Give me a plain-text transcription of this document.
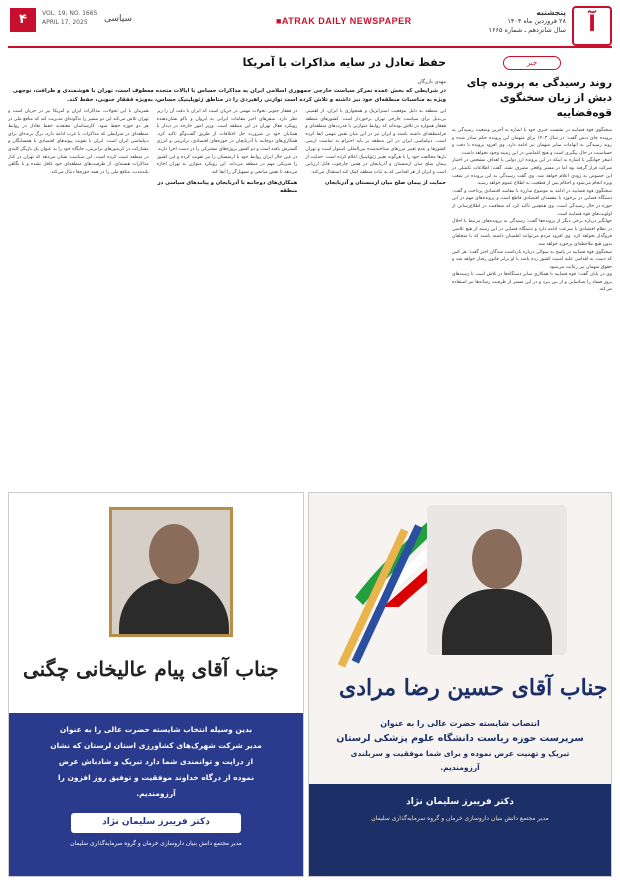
۴	VOL. 19, NO. 1665
APRIL 17, 2025	سیاسی	■ATRAK DAILY NEWSPAPER
پنجشنبه
۲۸ فروردین ماه ۱۴۰۴
سال شانزدهم ـ شماره ۱۶۶۵
آ
خبر
روند رسیدگی به پرونده چای دبش از زبان سخنگوی قوه‌قضاییه

سخنگوی قوه قضاییه در نشست خبری خود با اشاره به آخرین وضعیت رسیدگی به پرونده چای دبش گفت: در سال ۱۴۰۳ برای متهمان این پرونده حکم صادر شده و روند رسیدگی به اتهامات سایر متهمان نیز ادامه دارد. وی افزود پرونده با دقت و حساسیت در حال پیگیری است و هیچ اغماضی در این زمینه وجود نخواهد داشت.

اصغر جهانگیر با اشاره به اینکه در این پرونده ارز دولتی با اهداف مشخص در اختیار شرکت قرار گرفته بود اما در مسیر واقعی مصرف نشد، گفت: اطلاعات تکمیلی در این خصوص به زودی اعلام خواهد شد. وی گفت رسیدگی به این پرونده در شعب ویژه انجام می‌شود و احکام پس از قطعیت به اطلاع عموم خواهد رسید.

سخنگوی قوه قضاییه در ادامه به موضوع مبارزه با مفاسد اقتصادی پرداخت و گفت: دستگاه قضایی در برخورد با مفسدان اقتصادی قاطع است و پرونده‌های مهم در این حوزه در حال رسیدگی است. وی همچنین تاکید کرد که شفافیت در اطلاع‌رسانی از اولویت‌های قوه قضاییه است.

جهانگیر درباره برخی دیگر از پرونده‌ها گفت: رسیدگی به پرونده‌های مرتبط با اخلال در نظام اقتصادی با سرعت ادامه دارد و دستگاه قضایی در این زمینه از هیچ تلاشی فروگذار نخواهد کرد. وی افزود مردم می‌توانند اطمینان داشته باشند که با متخلفان بدون هیچ ملاحظه‌ای برخورد خواهد شد.

سخنگوی قوه قضاییه در پاسخ به سوالی درباره بازداشت شدگان اخیر گفت: هر کس که دست به اقدامی علیه امنیت کشور زده باشد با او برابر قانون رفتار خواهد شد و حقوق متهمان نیز رعایت می‌شود.

وی در پایان گفت: قوه قضاییه با همکاری سایر دستگاه‌ها در تلاش است تا زمینه‌های بروز فساد را شناسایی و از بین ببرد و در این مسیر از ظرفیت رسانه‌ها نیز استفاده می‌کند.

حفظ تعادل در سایه مذاکرات با آمریکا
مهدی بازرگان
در شرایطی که بخش عمده تمرکز سیاست خارجی جمهوری اسلامی ایران به مذاکرات حساس با ایالات متحده معطوف است، تهران با هوشمندی و ظرافت، توجهی ویژه به مناسبات منطقه‌ای خود نیز داشته و تلاش کرده است توازنی راهبردی را در مناطق ژئوپلیتیک حساس، به‌ویژه قفقاز جنوبی، حفظ کند.

این منطقه به دلیل موقعیت استراتژیک و همجواری با ایران، از اهمیتی بی‌بدیل برای سیاست خارجی تهران برخوردار است. کشورهای منطقه قفقاز همواره در تلاش بوده‌اند که روابط متوازنی با قدرت‌های منطقه‌ای و فرامنطقه‌ای داشته باشند و ایران نیز در این میان نقش مهمی ایفا کرده است. دیپلماسی ایران در این منطقه بر پایه احترام به تمامیت ارضی کشورها و عدم تغییر مرزهای شناخته‌شده بین‌المللی استوار است و تهران بارها مخالفت خود را با هرگونه تغییر ژئوپلیتیک اعلام کرده است. حمایت از پیمان صلح میان ارمنستان و آذربایجان در همین چارچوب قابل ارزیابی است و ایران از هر اقدامی که به ثبات منطقه کمک کند استقبال می‌کند.

حمایت از پیمان صلح میان ارمنستان و آذربایجان

در قفقاز جنوبی تحولات مهمی در جریان است که ایران با دقت آن را زیر نظر دارد. سفرهای اخیر مقامات ایرانی به ایروان و باکو نشان‌دهنده رویکرد فعال تهران در این منطقه است. وزیر امور خارجه در دیدار با همتایان خود بر ضرورت حل اختلافات از طریق گفت‌وگو تاکید کرد. همکاری‌های دوجانبه با آذربایجان در حوزه‌های اقتصادی، ترانزیتی و انرژی گسترش یافته است و دو کشور پروژه‌های مشترکی را در دست اجرا دارند. در عین حال ایران روابط خود با ارمنستان را نیز تقویت کرده و این کشور را شریکی مهم در منطقه می‌داند. این رویکرد متوازن به تهران اجازه می‌دهد تا نقش میانجی و تسهیل‌گر را ایفا کند.

همکاری‌های دوجانبه با آذربایجان و پیامدهای سیاسی در منطقه

همزمان با این تحولات، مذاکرات ایران و آمریکا نیز در جریان است و تهران تلاش می‌کند این دو مسیر را به‌گونه‌ای مدیریت کند که منافع ملی در هر دو حوزه حفظ شود. کارشناسان معتقدند حفظ تعادل در روابط منطقه‌ای در شرایطی که مذاکرات با غرب ادامه دارد، برگ برنده‌ای برای دیپلماسی ایران است. ایران با تقویت پیوندهای اقتصادی با همسایگان و مشارکت در کریدورهای ترانزیتی، جایگاه خود را به عنوان یک بازیگر کلیدی در منطقه تثبیت کرده است. این سیاست نشان می‌دهد که تهران در کنار مذاکرات هسته‌ای، از ظرفیت‌های منطقه‌ای خود غافل نشده و با نگاهی بلندمدت، منافع ملی را در همه حوزه‌ها دنبال می‌کند.

جناب آقای حسین رضا مرادی
انتصاب شایسته حضرت عالی را به عنوان
سرپرست حوزه ریاست دانشگاه علوم پزشکی لرستان
تبریک و تهنیت عرض نموده و برای شما موفقیت و سربلندی
آرزومندیم.
دکتر فریبرز سلیمان نژاد
مدیر مجتمع دانش بنیان داروسازی خرمان و گروه سرمایه‌گذاری سلیمان
جناب آقای پیام عالیخانی چگنی
بدین وسیله انتخاب شایسته حضرت عالی را به عنوان
مدیر شرکت شهرک‌های کشاورزی استان لرستان که نشان
از درایت و توانمندی شما دارد تبریک و شادباش عرض
نموده از درگاه خداوند موفقیت و توفیق روز افزون را
آرزومندیم.
دکتر فریبرز سلیمان نژاد
مدیر مجتمع دانش بنیان داروسازی خرمان و گروه سرمایه‌گذاری سلیمان
